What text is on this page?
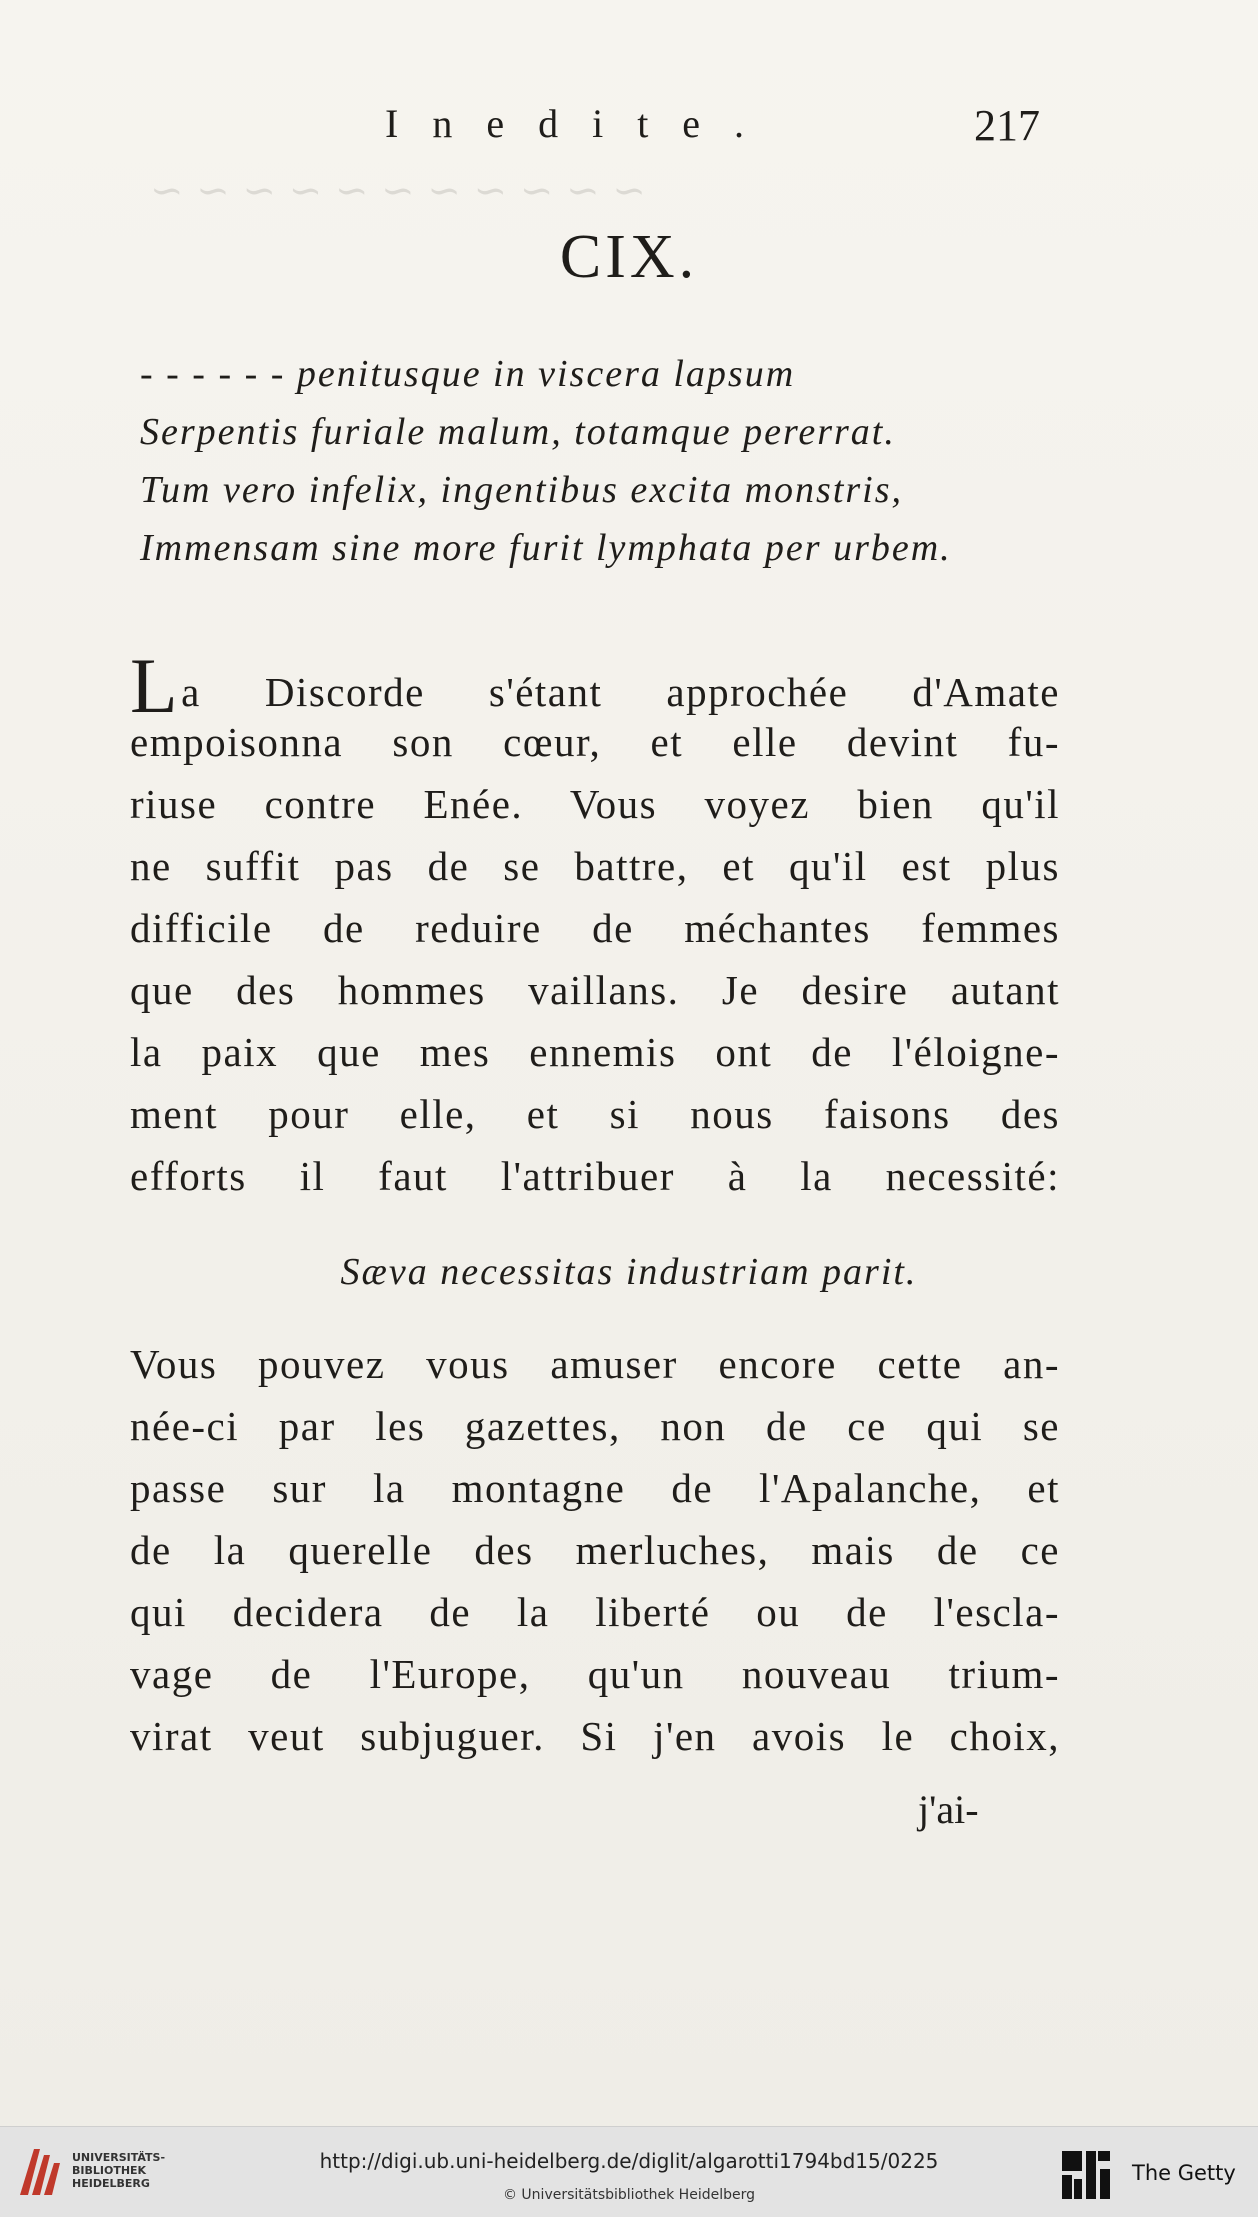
~ ~ ~ ~ ~ ~ ~ ~ ~ ~ ~
Inedite.	217
CIX.
- - - - - - penitusque in viscera lapsum
Serpentis furiale malum, totamque pererrat.
Tum vero infelix, ingentibus excita monstris,
Immensam sine more furit lymphata per urbem.
La Discorde s'étant approchée d'Amate
empoisonna son cœur, et elle devint fu-
riuse contre Enée. Vous voyez bien qu'il
ne suffit pas de se battre, et qu'il est plus
difficile de reduire de méchantes femmes
que des hommes vaillans. Je desire autant
la paix que mes ennemis ont de l'éloigne-
ment pour elle, et si nous faisons des
efforts il faut l'attribuer à la necessité:
Sæva necessitas industriam parit.
Vous pouvez vous amuser encore cette an-
née-ci par les gazettes, non de ce qui se
passe sur la montagne de l'Apalanche, et
de la querelle des merluches, mais de ce
qui decidera de la liberté ou de l'escla-
vage de l'Europe, qu'un nouveau trium-
virat veut subjuguer. Si j'en avois le choix,
j'ai-
UNIVERSITÄTS-
BIBLIOTHEK
HEIDELBERG
http://digi.ub.uni-heidelberg.de/diglit/algarotti1794bd15/0225
© Universitätsbibliothek Heidelberg
The Getty
